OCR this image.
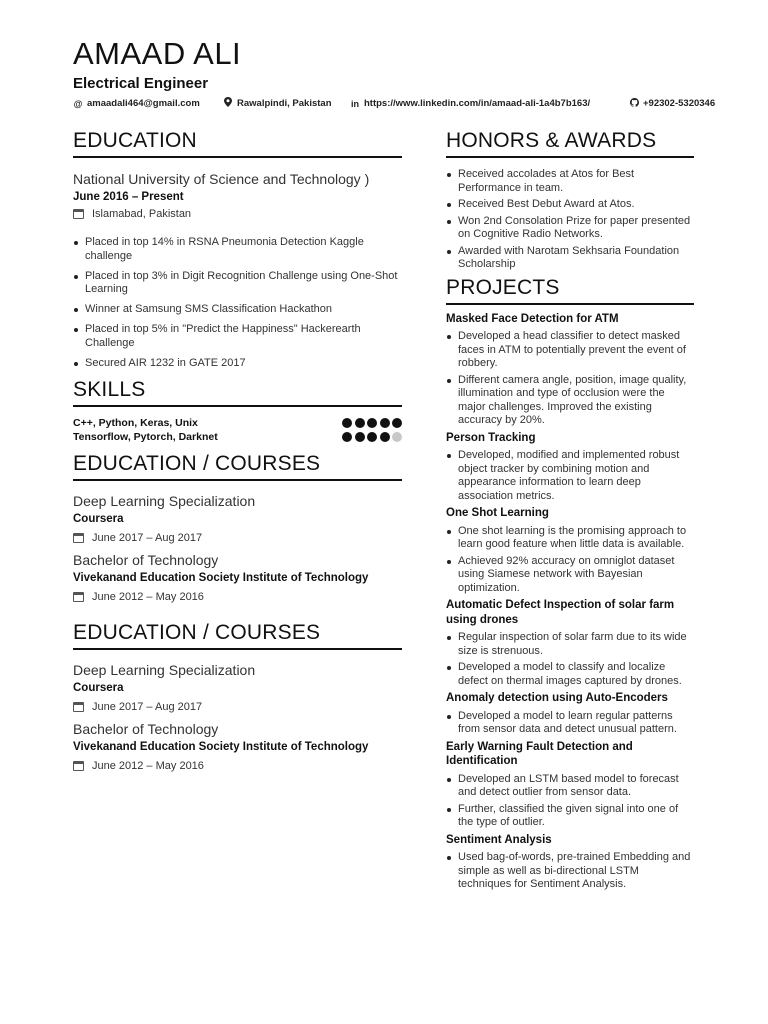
AMAAD ALI
Electrical Engineer
@ amaadali464@gmail.com	Rawalpindi, Pakistan in https://www.linkedin.com/in/amaad-ali-1a4b7b163/	+92302-5320346
EDUCATION
National University of Science and Technology )
June 2016 – Present
Islamabad, Pakistan
Placed in top 14% in RSNA Pneumonia Detection Kaggle challenge
Placed in top 3% in Digit Recognition Challenge using One-Shot Learning
Winner at Samsung SMS Classification Hackathon
Placed in top 5% in "Predict the Happiness" Hackerearth Challenge
Secured AIR 1232 in GATE 2017
SKILLS
C++, Python, Keras, Unix
Tensorflow, Pytorch, Darknet
EDUCATION / COURSES
Deep Learning Specialization
Coursera
June 2017 – Aug 2017
Bachelor of Technology
Vivekanand Education Society Institute of Technology
June 2012 – May 2016
EDUCATION / COURSES
Deep Learning Specialization
Coursera
June 2017 – Aug 2017
Bachelor of Technology
Vivekanand Education Society Institute of Technology
June 2012 – May 2016
HONORS & AWARDS
Received accolades at Atos for Best Performance in team.
Received Best Debut Award at Atos.
Won 2nd Consolation Prize for paper presented on Cognitive Radio Networks.
Awarded with Narotam Sekhsaria Foundation Scholarship
PROJECTS
Masked Face Detection for ATM
Developed a head classifier to detect masked faces in ATM to potentially prevent the event of robbery.
Different camera angle, position, image quality, illumination and type of occlusion were the major challenges. Improved the existing accuracy by 20%.
Person Tracking
Developed, modified and implemented robust object tracker by combining motion and appearance information to learn deep association metrics.
One Shot Learning
One shot learning is the promising approach to learn good feature when little data is available.
Achieved 92% accuracy on omniglot dataset using Siamese network with Bayesian optimization.
Automatic Defect Inspection of solar farm using drones
Regular inspection of solar farm due to its wide size is strenuous.
Developed a model to classify and localize defect on thermal images captured by drones.
Anomaly detection using Auto-Encoders
Developed a model to learn regular patterns from sensor data and detect unusual pattern.
Early Warning Fault Detection and Identification
Developed an LSTM based model to forecast and detect outlier from sensor data.
Further, classified the given signal into one of the type of outlier.
Sentiment Analysis
Used bag-of-words, pre-trained Embedding and simple as well as bi-directional LSTM techniques for Sentiment Analysis.
